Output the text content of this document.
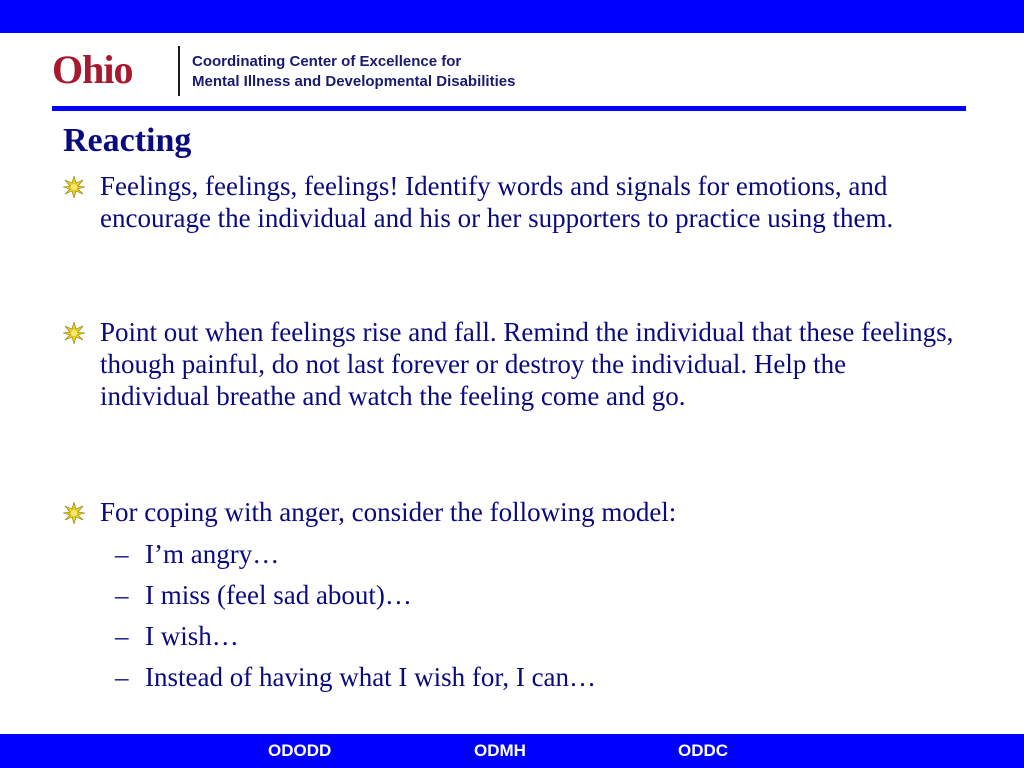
Ohio	Coordinating Center of Excellence for
Mental Illness and Developmental Disabilities
Reacting
Feelings, feelings, feelings! Identify words and signals for emotions, and encourage the individual and his or her supporters to practice using them.
Point out when feelings rise and fall. Remind the individual that these feelings, though painful, do not last forever or destroy the individual. Help the individual breathe and watch the feeling come and go.
For coping with anger, consider the following model:
– I’m angry…
– I miss (feel sad about)…
– I wish…
– Instead of having what I wish for, I can…
ODODD	ODMH	ODDC
